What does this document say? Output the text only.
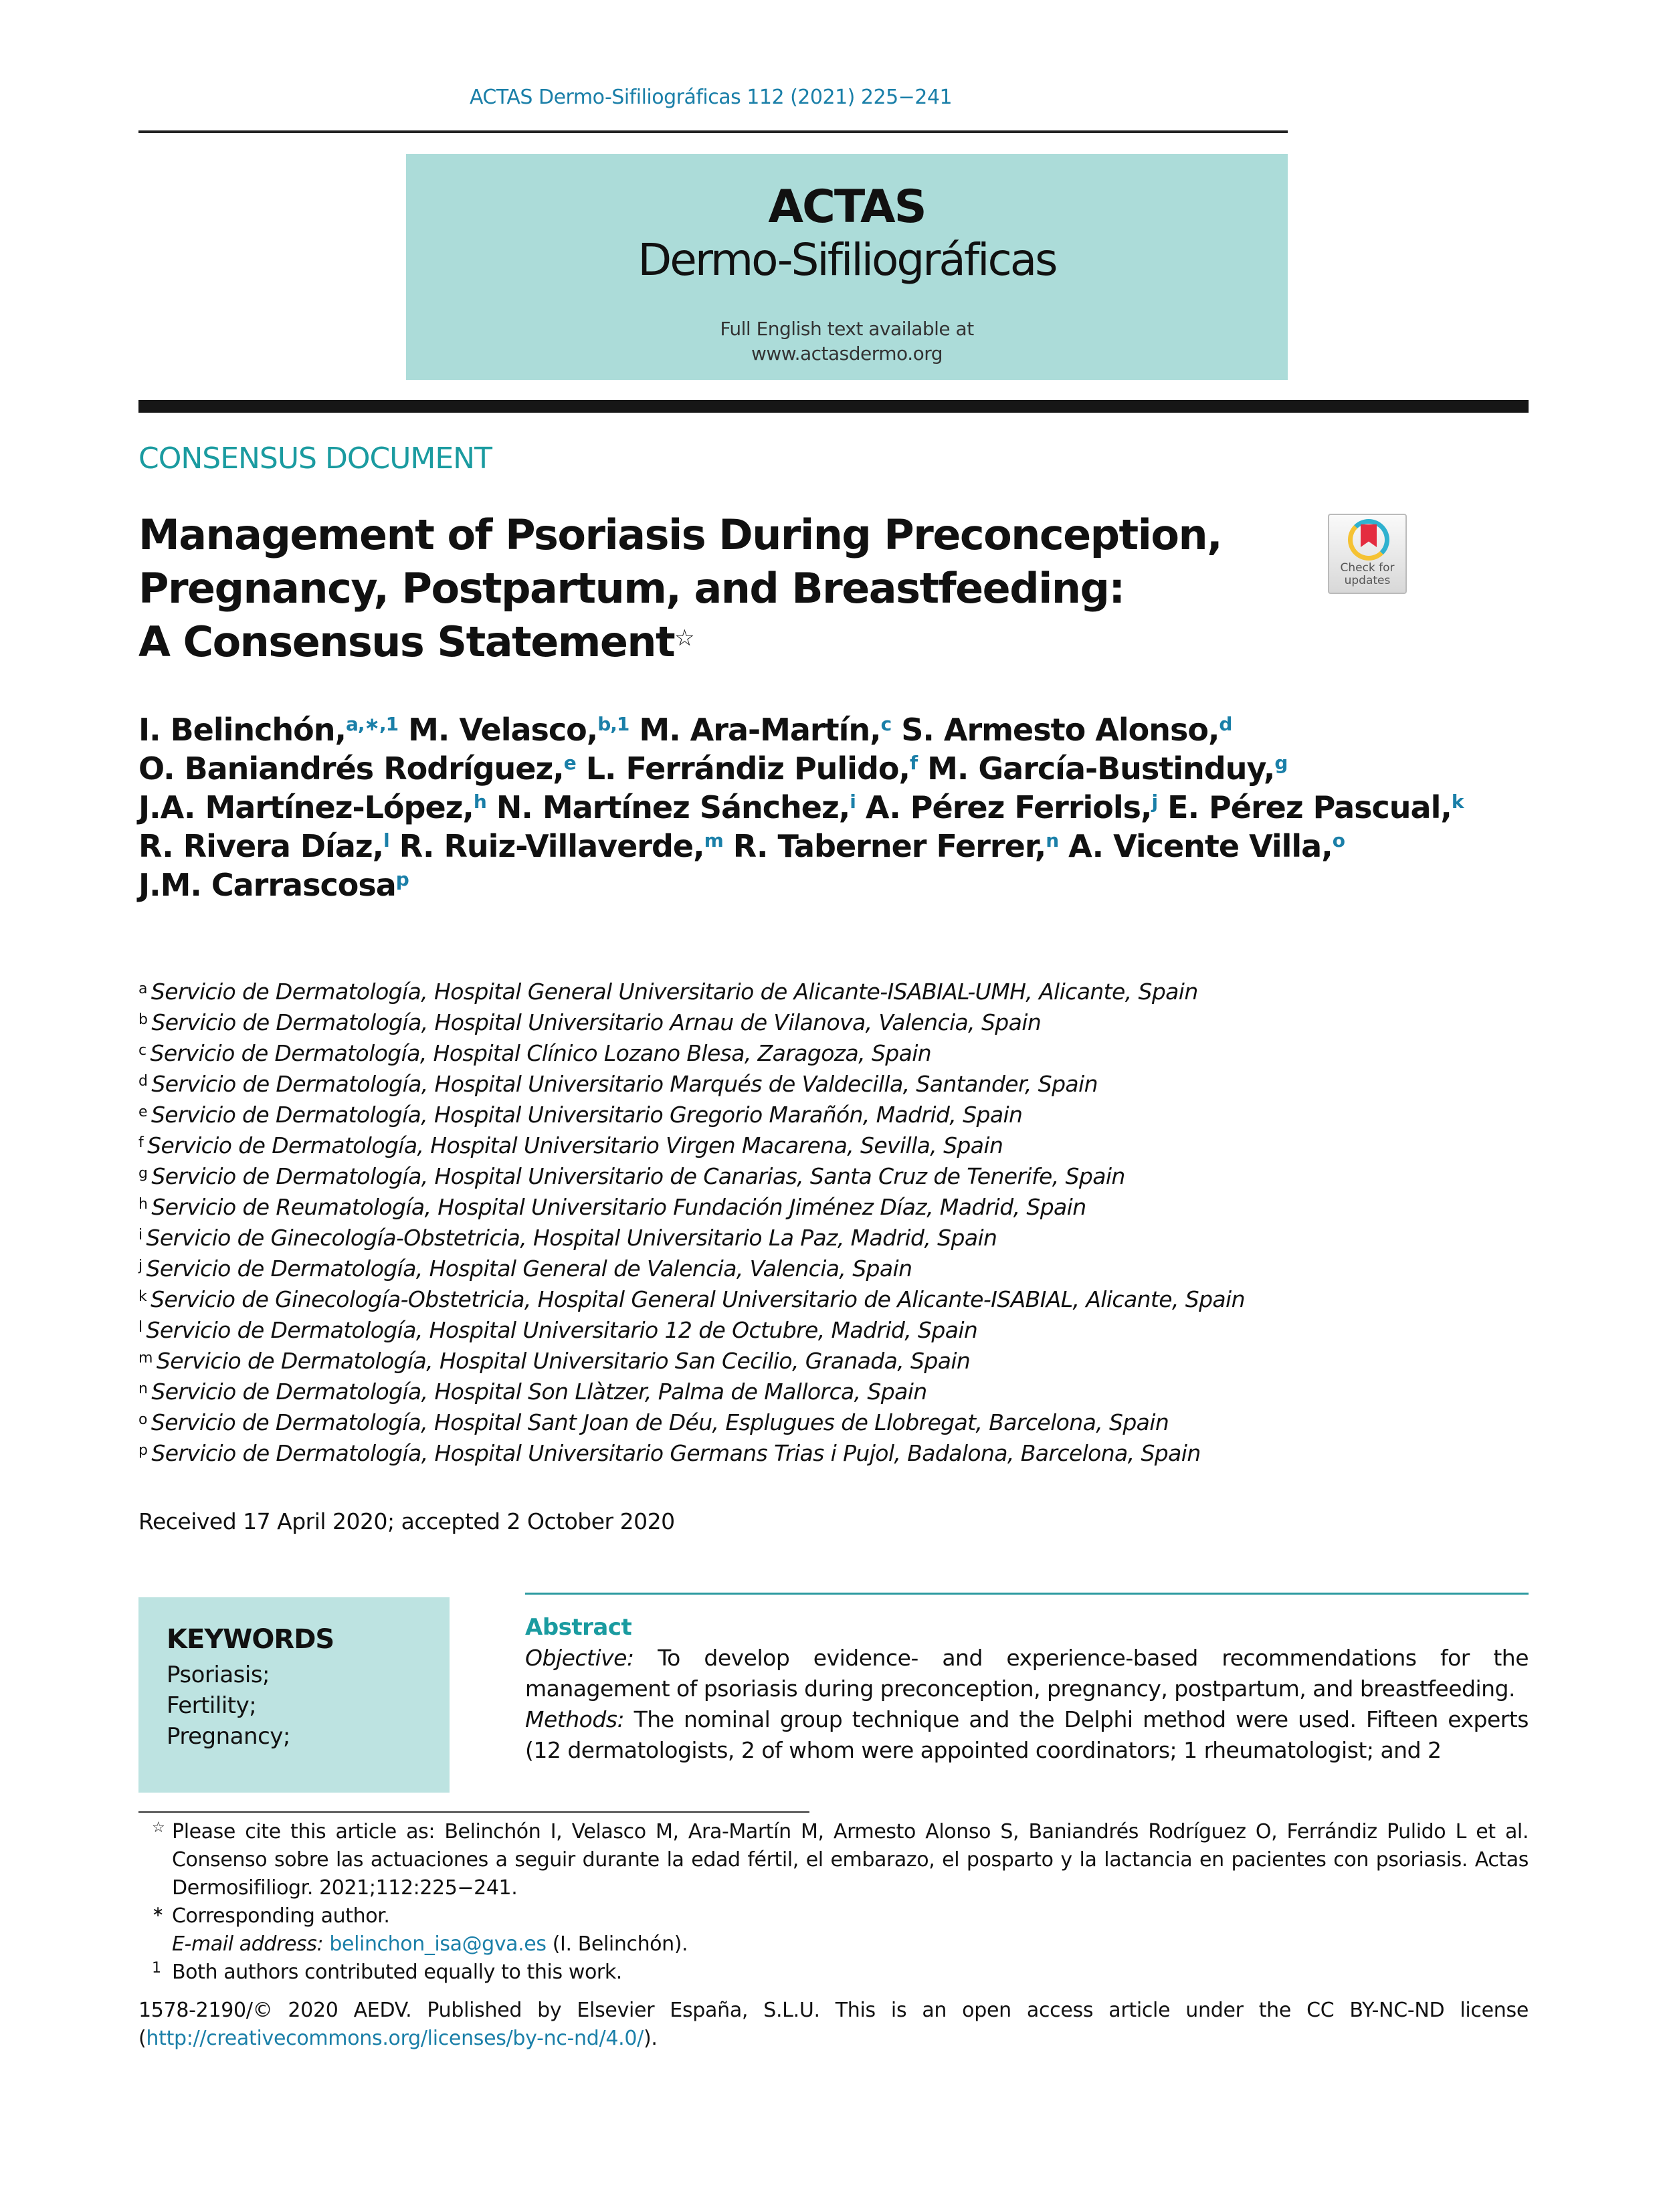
ACTAS Dermo-Sifiliográficas 112 (2021) 225−241
ACTAS
Dermo-Sifiliográficas
Full English text available at
www.actasdermo.org
CONSENSUS DOCUMENT
Management of Psoriasis During Preconception,
Pregnancy, Postpartum, and Breastfeeding:
A Consensus Statement☆
Check for
updates
I. Belinchón,$^{a,∗,1}$ M. Velasco,$^{b,1}$ M. Ara-Martín,$^c$ S. Armesto Alonso,$^d$
O. Baniandrés Rodríguez,$^e$ L. Ferrándiz Pulido,$^f$ M. García-Bustinduy,$^g$
J.A. Martínez-López,$^h$ N. Martínez Sánchez,$^i$ A. Pérez Ferriols,$^j$ E. Pérez Pascual,$^k$
R. Rivera Díaz,$^l$ R. Ruiz-Villaverde,$^m$ R. Taberner Ferrer,$^n$ A. Vicente Villa,$^o$
J.M. Carrascosa$^p$
$^a$ Servicio de Dermatología, Hospital General Universitario de Alicante-ISABIAL-UMH, Alicante, Spain
$^b$ Servicio de Dermatología, Hospital Universitario Arnau de Vilanova, Valencia, Spain
$^c$ Servicio de Dermatología, Hospital Clínico Lozano Blesa, Zaragoza, Spain
$^d$ Servicio de Dermatología, Hospital Universitario Marqués de Valdecilla, Santander, Spain
$^e$ Servicio de Dermatología, Hospital Universitario Gregorio Marañón, Madrid, Spain
$^f$ Servicio de Dermatología, Hospital Universitario Virgen Macarena, Sevilla, Spain
$^g$ Servicio de Dermatología, Hospital Universitario de Canarias, Santa Cruz de Tenerife, Spain
$^h$ Servicio de Reumatología, Hospital Universitario Fundación Jiménez Díaz, Madrid, Spain
$^i$ Servicio de Ginecología-Obstetricia, Hospital Universitario La Paz, Madrid, Spain
$^j$ Servicio de Dermatología, Hospital General de Valencia, Valencia, Spain
$^k$ Servicio de Ginecología-Obstetricia, Hospital General Universitario de Alicante-ISABIAL, Alicante, Spain
$^l$ Servicio de Dermatología, Hospital Universitario 12 de Octubre, Madrid, Spain
$^m$ Servicio de Dermatología, Hospital Universitario San Cecilio, Granada, Spain
$^n$ Servicio de Dermatología, Hospital Son Llàtzer, Palma de Mallorca, Spain
$^o$ Servicio de Dermatología, Hospital Sant Joan de Déu, Esplugues de Llobregat, Barcelona, Spain
$^p$ Servicio de Dermatología, Hospital Universitario Germans Trias i Pujol, Badalona, Barcelona, Spain
Received 17 April 2020; accepted 2 October 2020
KEYWORDS
Psoriasis;
Fertility;
Pregnancy;
Abstract
Objective: To develop evidence- and experience-based recommendations for the management of psoriasis during preconception, pregnancy, postpartum, and breastfeeding.
Methods: The nominal group technique and the Delphi method were used. Fifteen experts (12 dermatologists, 2 of whom were appointed coordinators; 1 rheumatologist; and 2
☆ Please cite this article as: Belinchón I, Velasco M, Ara-Martín M, Armesto Alonso S, Baniandrés Rodríguez O, Ferrándiz Pulido L et al. Consenso sobre las actuaciones a seguir durante la edad fértil, el embarazo, el posparto y la lactancia en pacientes con psoriasis. Actas Dermosifiliogr. 2021;112:225−241.
∗ Corresponding author.
E-mail address: belinchon_isa@gva.es (I. Belinchón).
1 Both authors contributed equally to this work.
1578-2190/© 2020 AEDV. Published by Elsevier España, S.L.U. This is an open access article under the CC BY-NC-ND license (http://creativecommons.org/licenses/by-nc-nd/4.0/).
